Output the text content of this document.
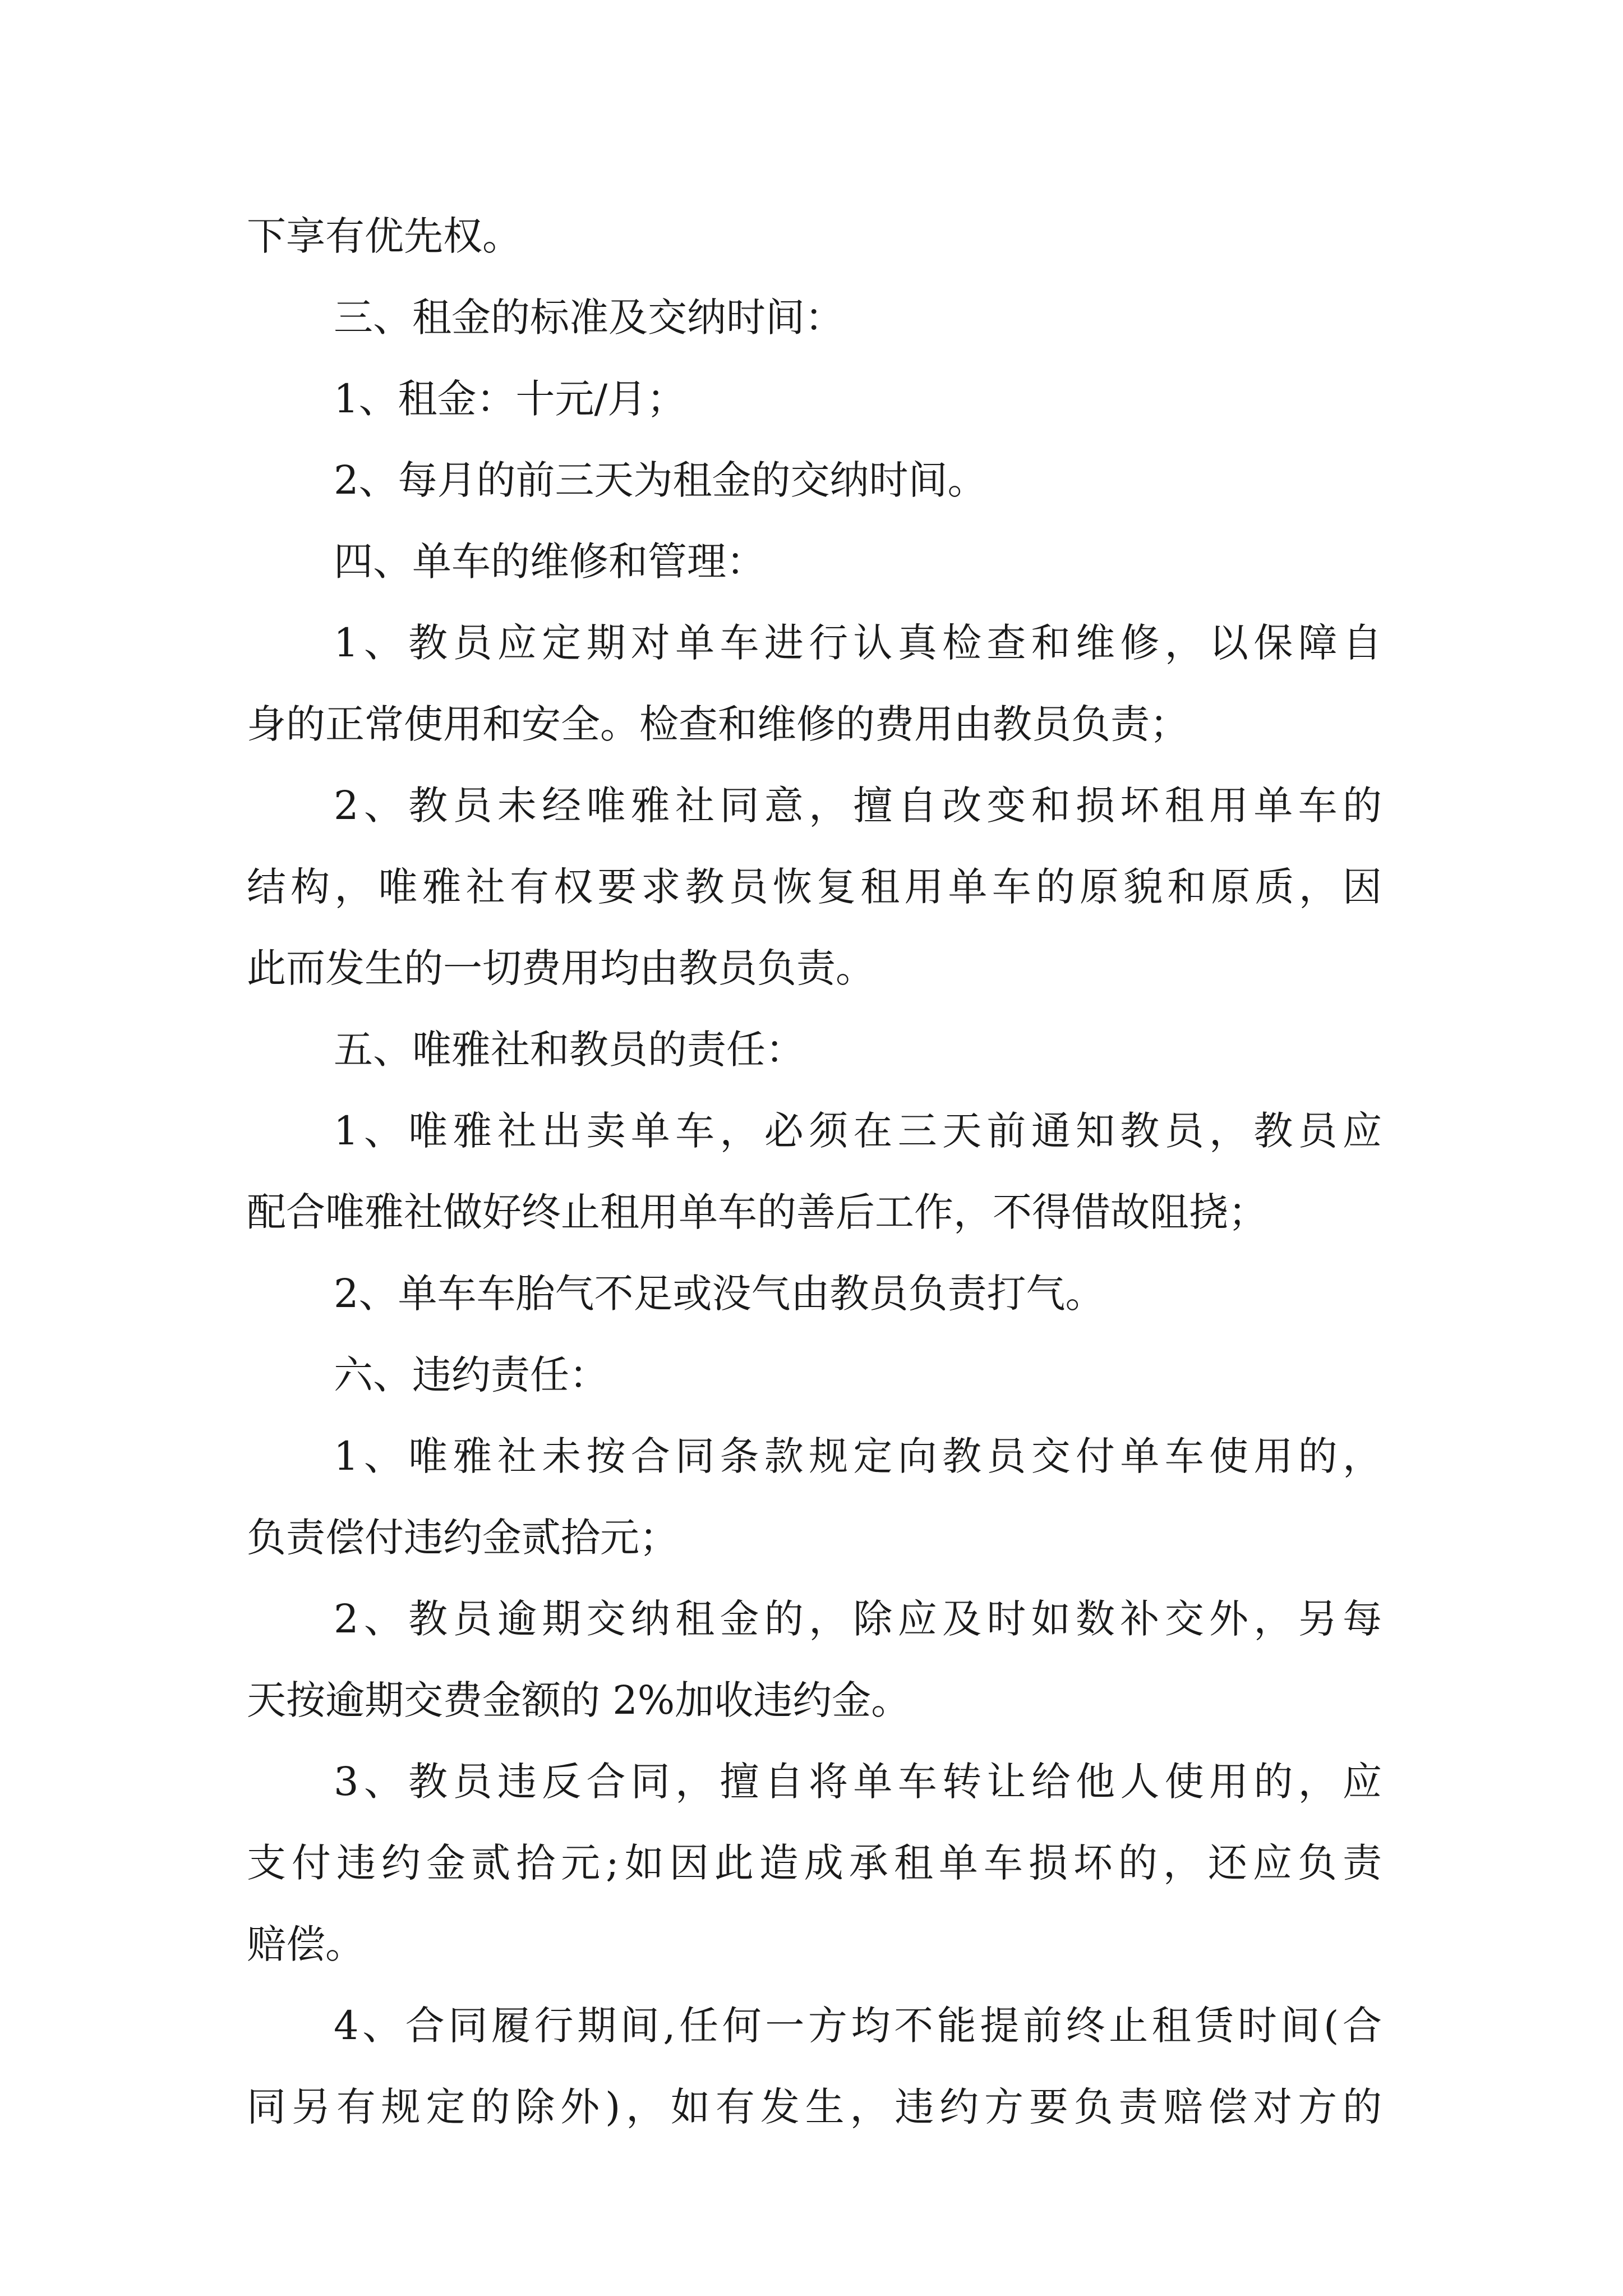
下享有优先权。

三、租金的标准及交纳时间：

1、租金：十元/月；

2、每月的前三天为租金的交纳时间。

四、单车的维修和管理：

1、教员应定期对单车进行认真检查和维修，以保障自

身的正常使用和安全。检查和维修的费用由教员负责；

2、教员未经唯雅社同意，擅自改变和损坏租用单车的

结构，唯雅社有权要求教员恢复租用单车的原貌和原质，因

此而发生的一切费用均由教员负责。

五、唯雅社和教员的责任：

1、唯雅社出卖单车，必须在三天前通知教员，教员应

配合唯雅社做好终止租用单车的善后工作，不得借故阻挠；

2、单车车胎气不足或没气由教员负责打气。

六、违约责任：

1、唯雅社未按合同条款规定向教员交付单车使用的，

负责偿付违约金贰拾元；

2、教员逾期交纳租金的，除应及时如数补交外，另每

天按逾期交费金额的 2%加收违约金。

3、教员违反合同，擅自将单车转让给他人使用的，应

支付违约金贰拾元;如因此造成承租单车损坏的，还应负责

赔偿。

4、合同履行期间,任何一方均不能提前终止租赁时间(合

同另有规定的除外)，如有发生，违约方要负责赔偿对方的
